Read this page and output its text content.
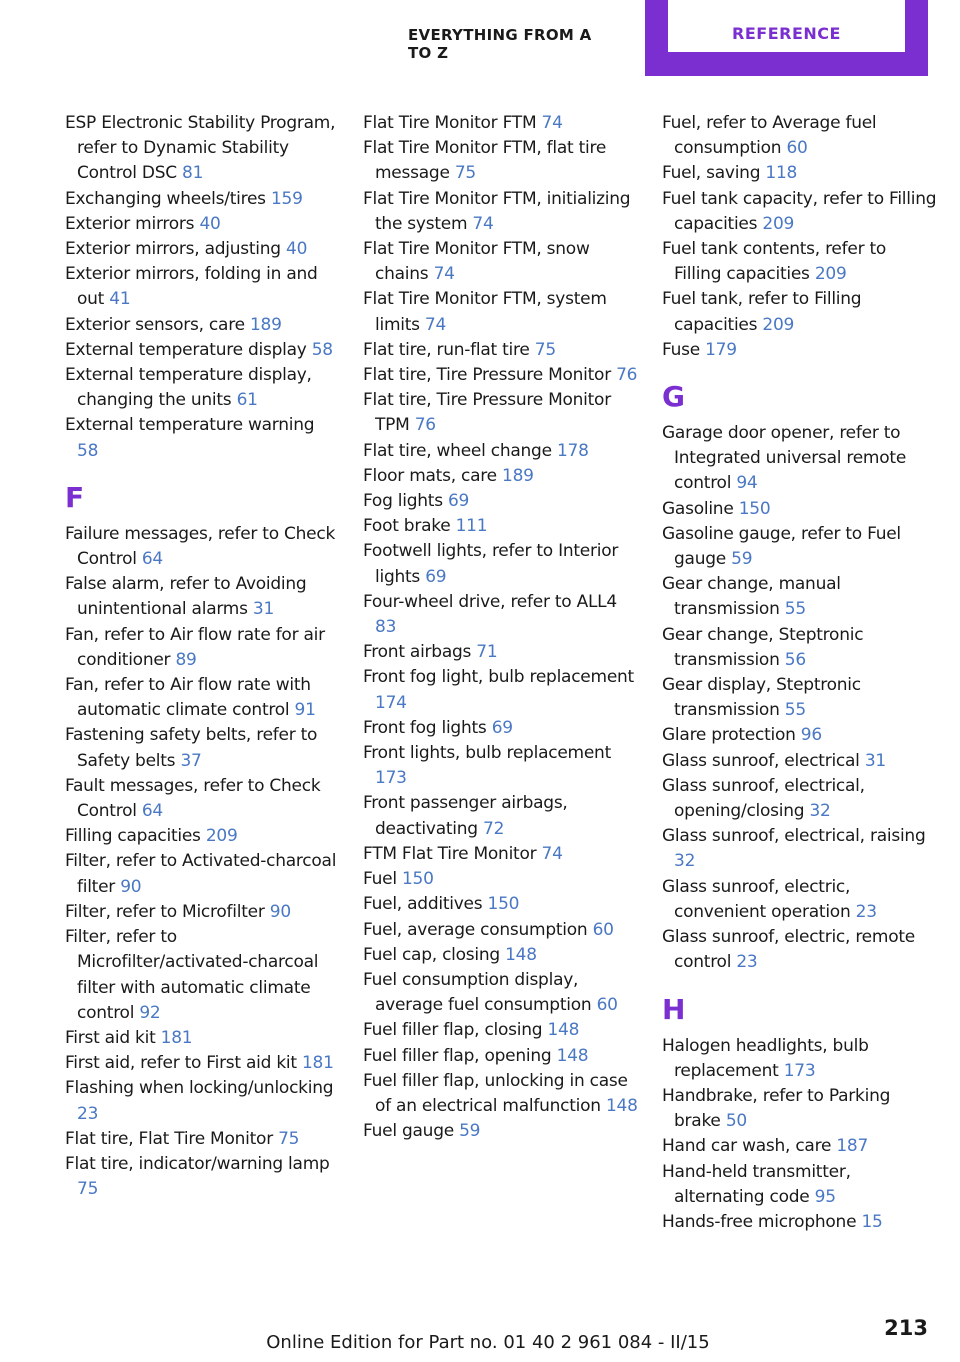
EVERYTHING FROM A TO Z
REFERENCE
ESP Electronic Stability Program, refer to Dynamic Stability Control DSC 81
Exchanging wheels/tires 159
Exterior mirrors 40
Exterior mirrors, adjusting 40
Exterior mirrors, folding in and out 41
Exterior sensors, care 189
External temperature display 58
External temperature display, changing the units 61
External temperature warning 58
F
Failure messages, refer to Check Control 64
False alarm, refer to Avoiding unintentional alarms 31
Fan, refer to Air flow rate for air conditioner 89
Fan, refer to Air flow rate with automatic climate control 91
Fastening safety belts, refer to Safety belts 37
Fault messages, refer to Check Control 64
Filling capacities 209
Filter, refer to Activated-charcoal filter 90
Filter, refer to Microfilter 90
Filter, refer to Microfilter/activated-charcoal filter with automatic climate control 92
First aid kit 181
First aid, refer to First aid kit 181
Flashing when locking/unlocking 23
Flat tire, Flat Tire Monitor 75
Flat tire, indicator/warning lamp 75
Flat Tire Monitor FTM 74
Flat Tire Monitor FTM, flat tire message 75
Flat Tire Monitor FTM, initializing the system 74
Flat Tire Monitor FTM, snow chains 74
Flat Tire Monitor FTM, system limits 74
Flat tire, run-flat tire 75
Flat tire, Tire Pressure Monitor 76
Flat tire, Tire Pressure Monitor TPM 76
Flat tire, wheel change 178
Floor mats, care 189
Fog lights 69
Foot brake 111
Footwell lights, refer to Interior lights 69
Four-wheel drive, refer to ALL4 83
Front airbags 71
Front fog light, bulb replacement 174
Front fog lights 69
Front lights, bulb replacement 173
Front passenger airbags, deactivating 72
FTM Flat Tire Monitor 74
Fuel 150
Fuel, additives 150
Fuel, average consumption 60
Fuel cap, closing 148
Fuel consumption display, average fuel consumption 60
Fuel filler flap, closing 148
Fuel filler flap, opening 148
Fuel filler flap, unlocking in case of an electrical malfunction 148
Fuel gauge 59
Fuel, refer to Average fuel consumption 60
Fuel, saving 118
Fuel tank capacity, refer to Filling capacities 209
Fuel tank contents, refer to Filling capacities 209
Fuel tank, refer to Filling capacities 209
Fuse 179
G
Garage door opener, refer to Integrated universal remote control 94
Gasoline 150
Gasoline gauge, refer to Fuel gauge 59
Gear change, manual transmission 55
Gear change, Steptronic transmission 56
Gear display, Steptronic transmission 55
Glare protection 96
Glass sunroof, electrical 31
Glass sunroof, electrical, opening/closing 32
Glass sunroof, electrical, raising 32
Glass sunroof, electric, convenient operation 23
Glass sunroof, electric, remote control 23
H
Halogen headlights, bulb replacement 173
Handbrake, refer to Parking brake 50
Hand car wash, care 187
Hand-held transmitter, alternating code 95
Hands-free microphone 15
213
Online Edition for Part no. 01 40 2 961 084 - II/15
